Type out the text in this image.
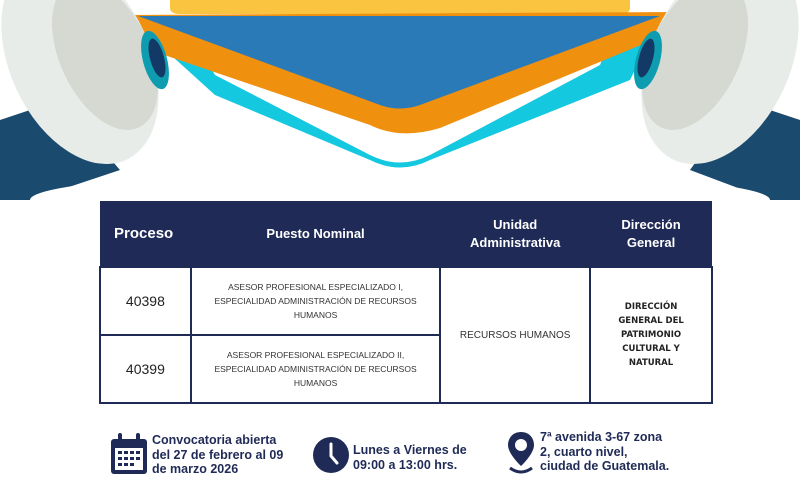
Proceso	Puesto Nominal	Unidad Administrativa	Dirección General
40398	ASESOR PROFESIONAL ESPECIALIZADO I, ESPECIALIDAD ADMINISTRACIÓN DE RECURSOS HUMANOS	RECURSOS HUMANOS	DIRECCIÓN GENERAL DEL PATRIMONIO CULTURAL Y NATURAL
40399	ASESOR PROFESIONAL ESPECIALIZADO II, ESPECIALIDAD ADMINISTRACIÓN DE RECURSOS HUMANOS		
Convocatoria abierta
del 27 de febrero al 09
de marzo 2026
Lunes a Viernes de
09:00 a 13:00 hrs.
7ª avenida 3-67 zona
2, cuarto nivel,
ciudad de Guatemala.
